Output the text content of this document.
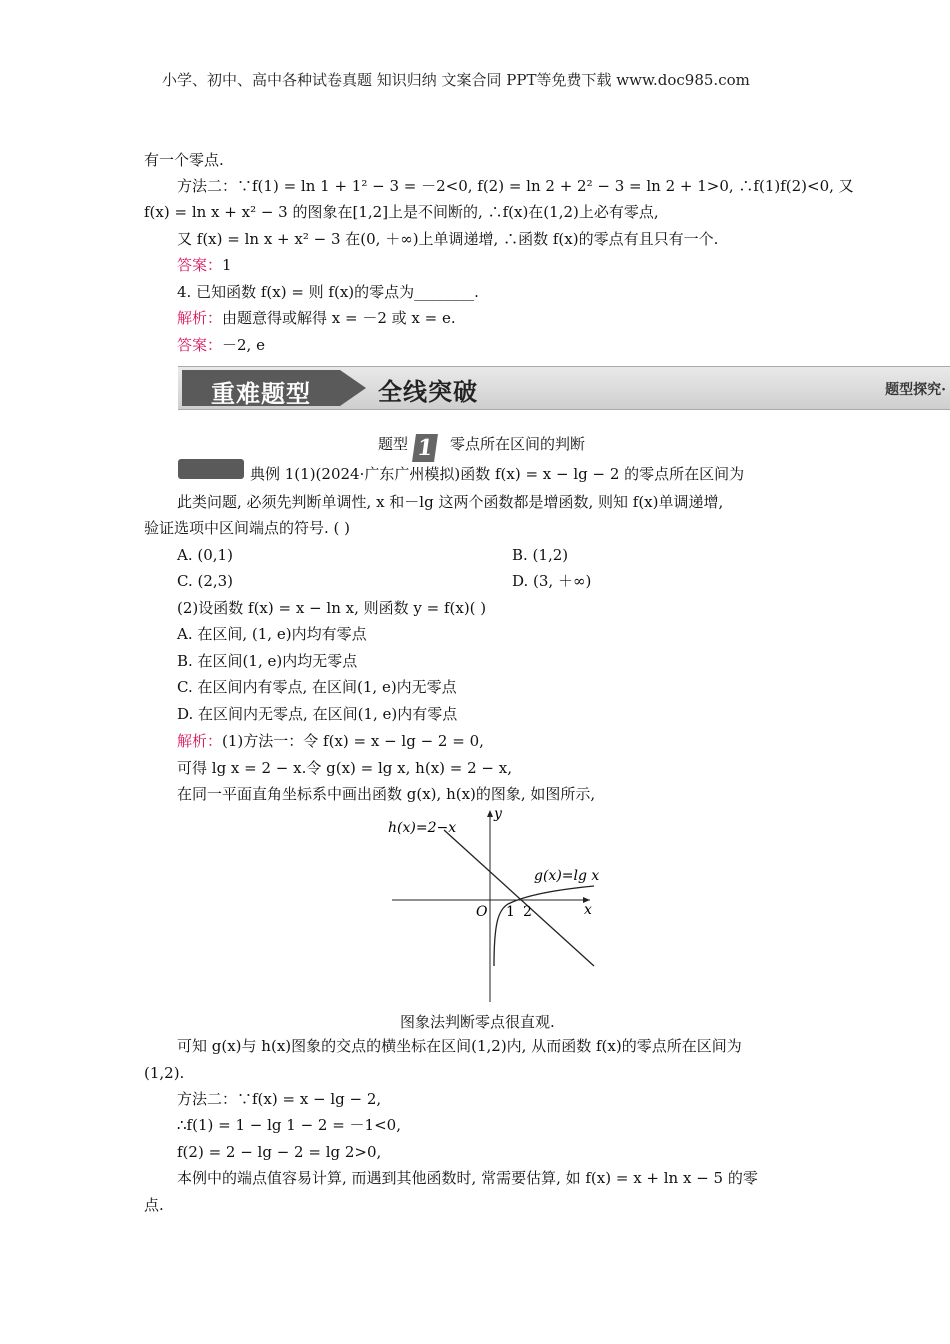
小学、初中、高中各种试卷真题 知识归纳 文案合同 PPT等免费下载 www.doc985.com
有一个零点.
方法二：∵f(1) = ln 1 + 1² − 3 = －2<0, f(2) = ln 2 + 2² − 3 = ln 2 + 1>0, ∴f(1)f(2)<0, 又
f(x) = ln x + x² − 3 的图象在[1,2]上是不间断的, ∴f(x)在(1,2)上必有零点,
又 f(x) = ln x + x² − 3 在(0, ＋∞)上单调递增, ∴函数 f(x)的零点有且只有一个.
答案：1
4. 已知函数 f(x) = 则 f(x)的零点为________.
解析：由题意得或解得 x = －2 或 x = e.
答案：－2, e
重难题型	全线突破	题型探究·
题型 1 零点所在区间的判断
典例 1(1)(2024·广东广州模拟)函数 f(x) = x − lg − 2 的零点所在区间为
此类问题, 必须先判断单调性, x 和－lg 这两个函数都是增函数, 则知 f(x)单调递增,
验证选项中区间端点的符号. ( )
A. (0,1)	B. (1,2)
C. (2,3)	D. (3, ＋∞)
(2)设函数 f(x) = x − ln x, 则函数 y = f(x)( )
A. 在区间, (1, e)内均有零点
B. 在区间(1, e)内均无零点
C. 在区间内有零点, 在区间(1, e)内无零点
D. 在区间内无零点, 在区间(1, e)内有零点
解析：(1)方法一：令 f(x) = x − lg − 2 = 0,
可得 lg x = 2 − x.令 g(x) = lg x, h(x) = 2 − x,
在同一平面直角坐标系中画出函数 g(x), h(x)的图象, 如图所示,
h(x)=2−x
g(x)=lg x
y
x
O 1 2
图象法判断零点很直观.
可知 g(x)与 h(x)图象的交点的横坐标在区间(1,2)内, 从而函数 f(x)的零点所在区间为
(1,2).
方法二：∵f(x) = x − lg − 2,
∴f(1) = 1 − lg 1 − 2 = －1<0,
f(2) = 2 − lg − 2 = lg 2>0,
本例中的端点值容易计算, 而遇到其他函数时, 常需要估算, 如 f(x) = x + ln x − 5 的零
点.
